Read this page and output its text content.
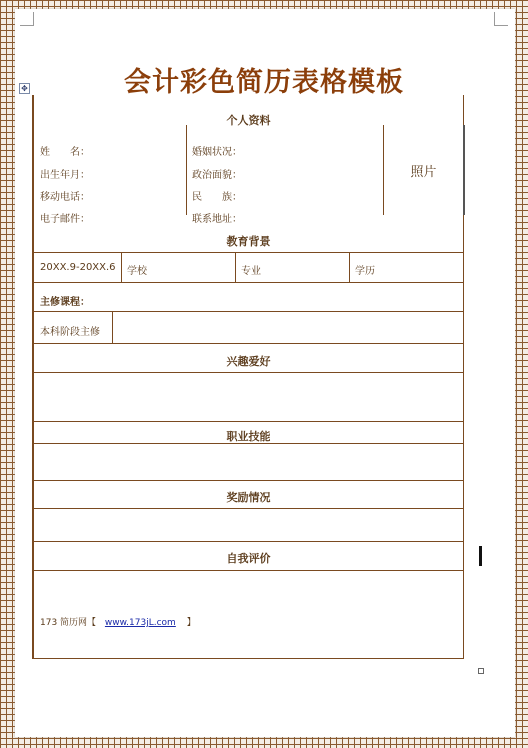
会计彩色简历表格模板
✥
个人资料
姓　　名：
出生年月：
移动电话：
电子邮件：
婚姻状况：
政治面貌：
民　　族：
联系地址：
照片
教育背景
20XX.9-20XX.6 学校	专业	学历
主修课程：
本科阶段主修
兴趣爱好
职业技能
奖励情况
自我评价
173 简历网【 www.173jL.com 】
